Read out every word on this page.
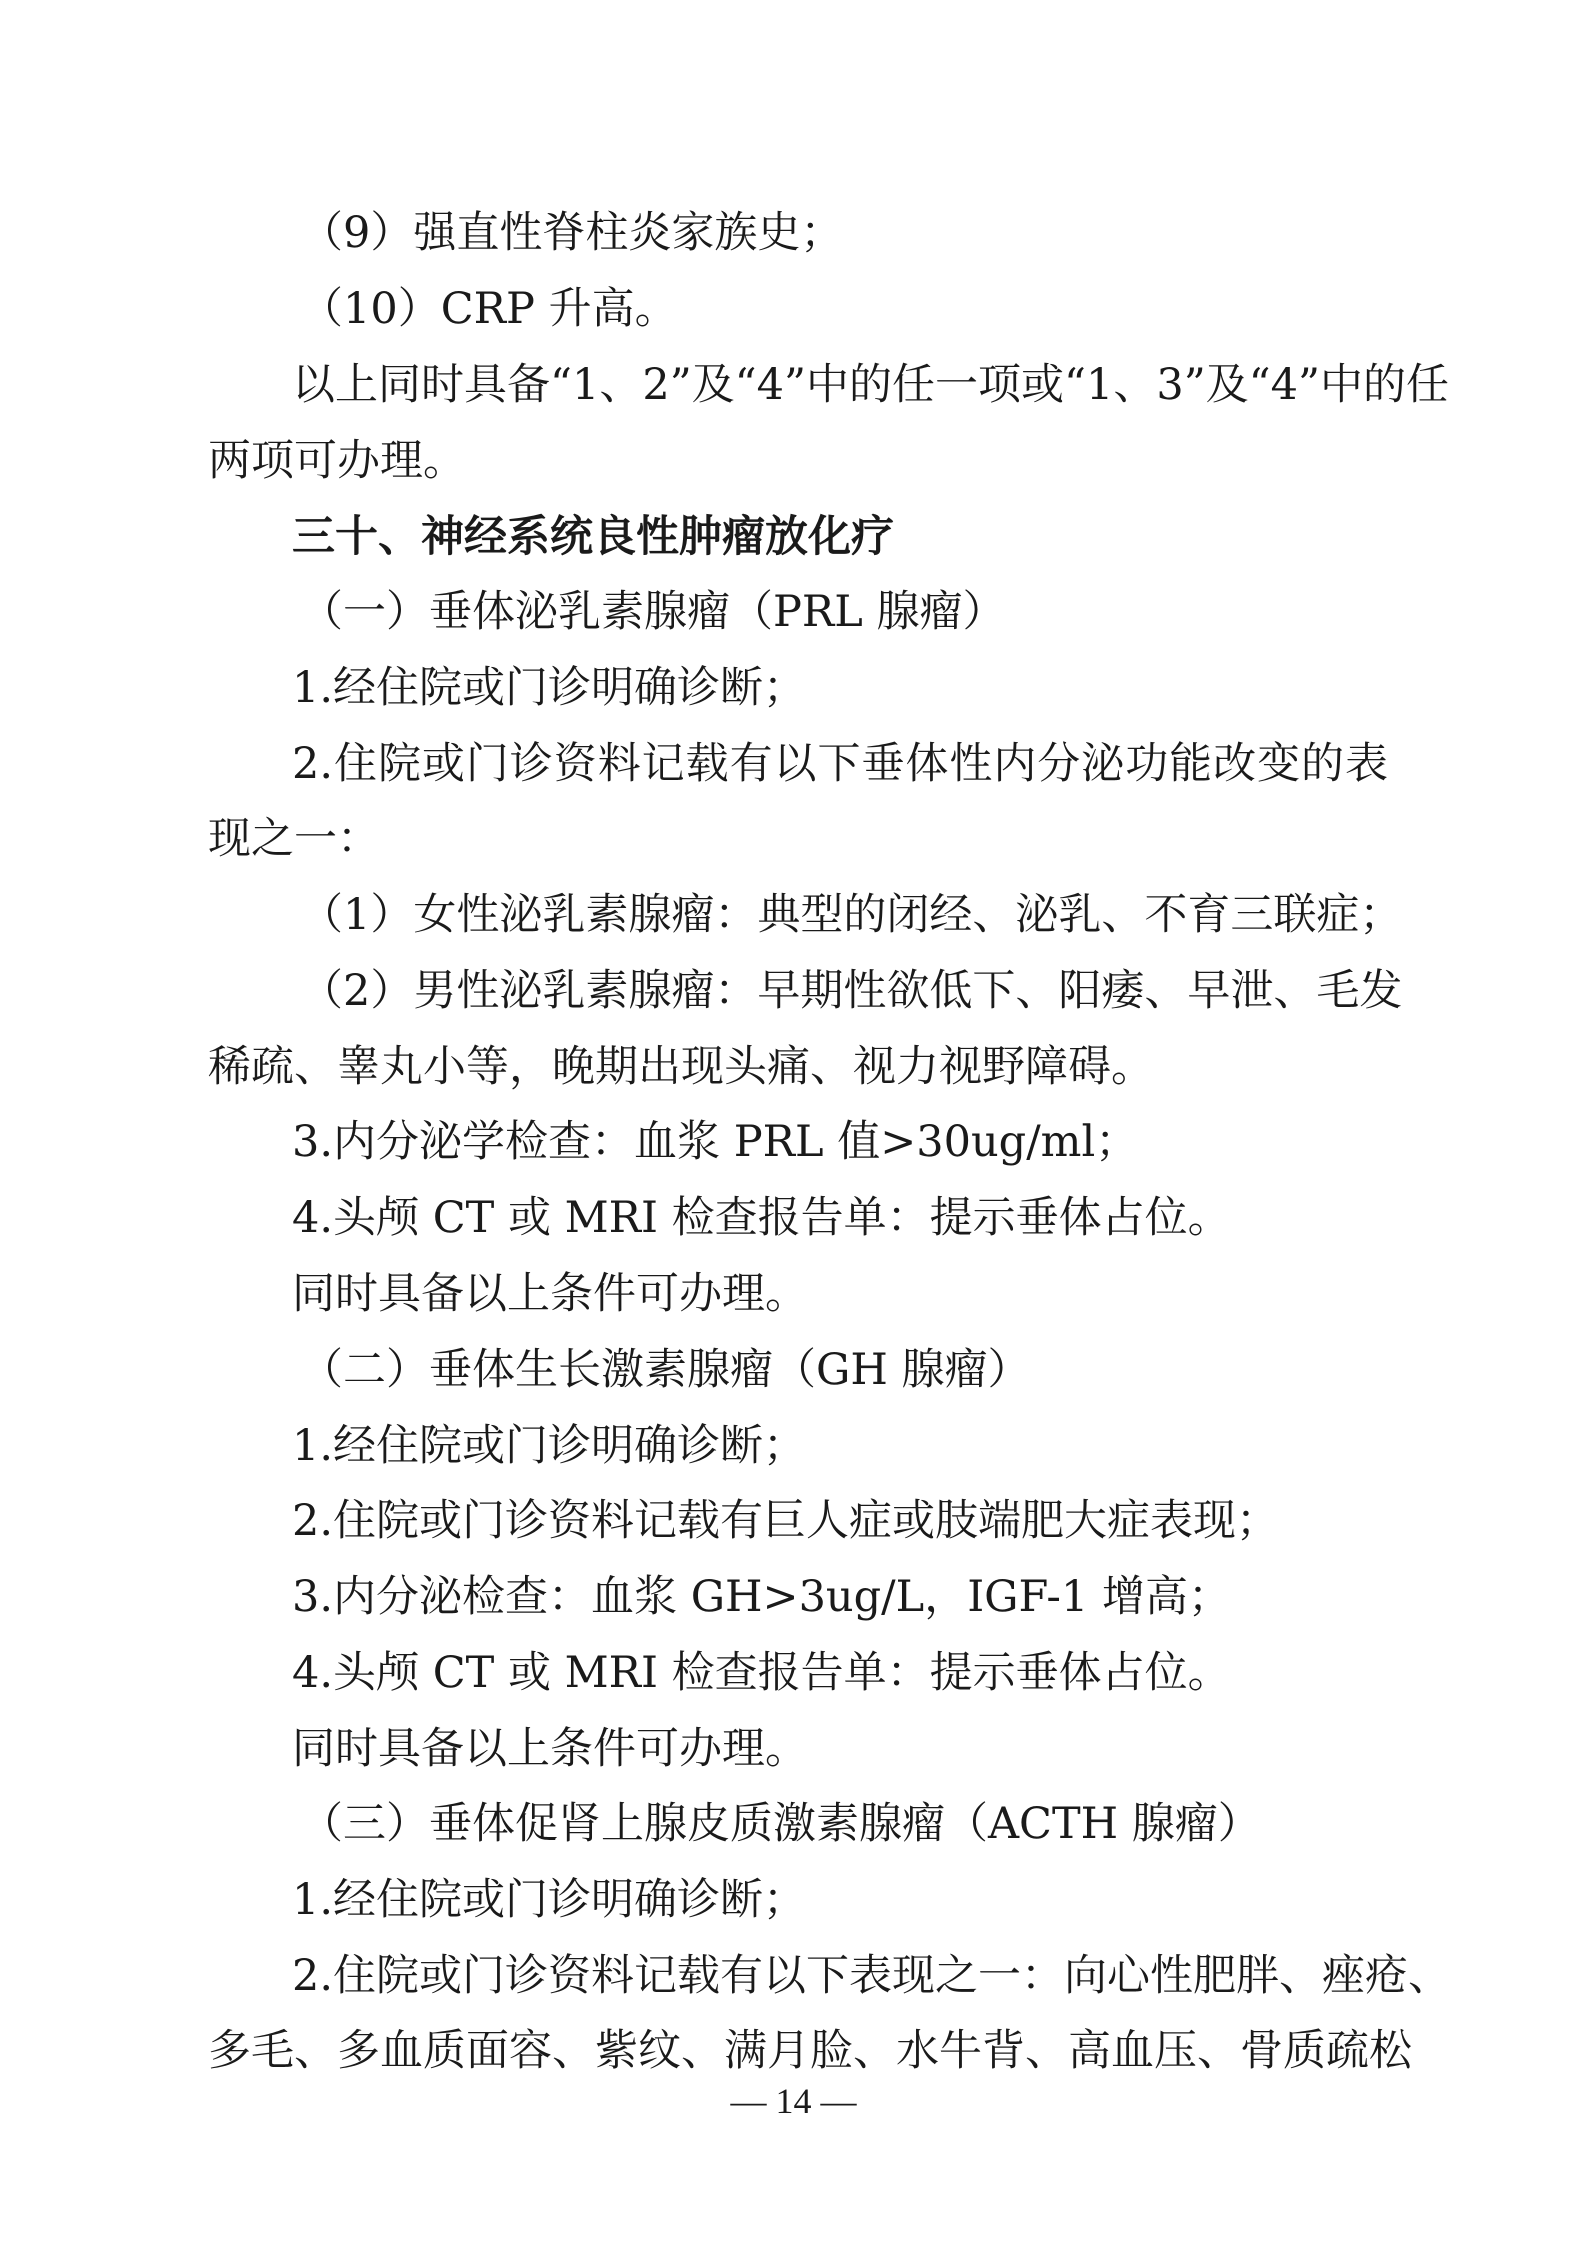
（9）强直性脊柱炎家族史；
（10）CRP 升高。
以上同时具备“1、2”及“4”中的任一项或“1、3”及“4”中的任
两项可办理。
三十、神经系统良性肿瘤放化疗
（一）垂体泌乳素腺瘤（PRL 腺瘤）
1.经住院或门诊明确诊断；
2.住院或门诊资料记载有以下垂体性内分泌功能改变的表
现之一：
（1）女性泌乳素腺瘤：典型的闭经、泌乳、不育三联症；
（2）男性泌乳素腺瘤：早期性欲低下、阳痿、早泄、毛发
稀疏、睾丸小等，晚期出现头痛、视力视野障碍。
3.内分泌学检查：血浆 PRL 值>30ug/ml；
4.头颅 CT 或 MRI 检查报告单：提示垂体占位。
同时具备以上条件可办理。
（二）垂体生长激素腺瘤（GH 腺瘤）
1.经住院或门诊明确诊断；
2.住院或门诊资料记载有巨人症或肢端肥大症表现；
3.内分泌检查：血浆 GH>3ug/L，IGF-1 增高；
4.头颅 CT 或 MRI 检查报告单：提示垂体占位。
同时具备以上条件可办理。
（三）垂体促肾上腺皮质激素腺瘤（ACTH 腺瘤）
1.经住院或门诊明确诊断；
2.住院或门诊资料记载有以下表现之一：向心性肥胖、痤疮、
多毛、多血质面容、紫纹、满月脸、水牛背、高血压、骨质疏松
— 14 —
